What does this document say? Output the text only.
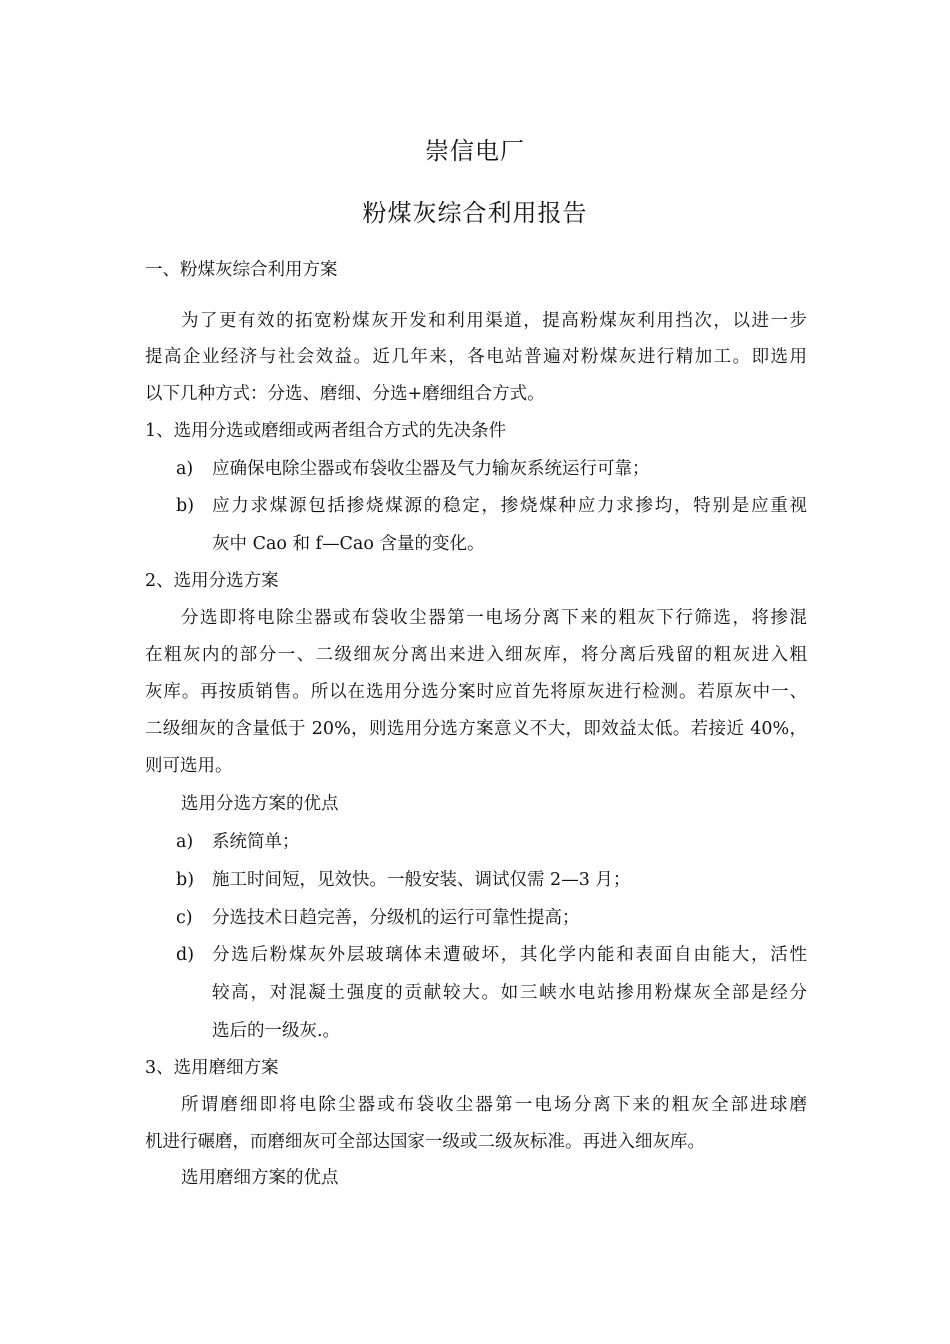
崇信电厂
粉煤灰综合利用报告
一、粉煤灰综合利用方案
为了更有效的拓宽粉煤灰开发和利用渠道，提高粉煤灰利用挡次，以进一步
提高企业经济与社会效益。近几年来，各电站普遍对粉煤灰进行精加工。即选用
以下几种方式：分选、磨细、分选+磨细组合方式。
1、选用分选或磨细或两者组合方式的先决条件
a)	应确保电除尘器或布袋收尘器及气力输灰系统运行可靠；
b)	应力求煤源包括掺烧煤源的稳定，掺烧煤种应力求掺均，特别是应重视
灰中 Cao 和 f—Cao 含量的变化。
2、选用分选方案
分选即将电除尘器或布袋收尘器第一电场分离下来的粗灰下行筛选，将掺混
在粗灰内的部分一、二级细灰分离出来进入细灰库，将分离后残留的粗灰进入粗
灰库。再按质销售。所以在选用分选分案时应首先将原灰进行检测。若原灰中一、
二级细灰的含量低于 20%，则选用分选方案意义不大，即效益太低。若接近 40%，
则可选用。
选用分选方案的优点
a)	系统简单；
b)	施工时间短，见效快。一般安装、调试仅需 2—3 月；
c)	分选技术日趋完善，分级机的运行可靠性提高；
d)	分选后粉煤灰外层玻璃体未遭破坏，其化学内能和表面自由能大，活性
较高，对混凝土强度的贡献较大。如三峡水电站掺用粉煤灰全部是经分
选后的一级灰.。
3、选用磨细方案
所谓磨细即将电除尘器或布袋收尘器第一电场分离下来的粗灰全部进球磨
机进行碾磨，而磨细灰可全部达国家一级或二级灰标准。再进入细灰库。
选用磨细方案的优点
